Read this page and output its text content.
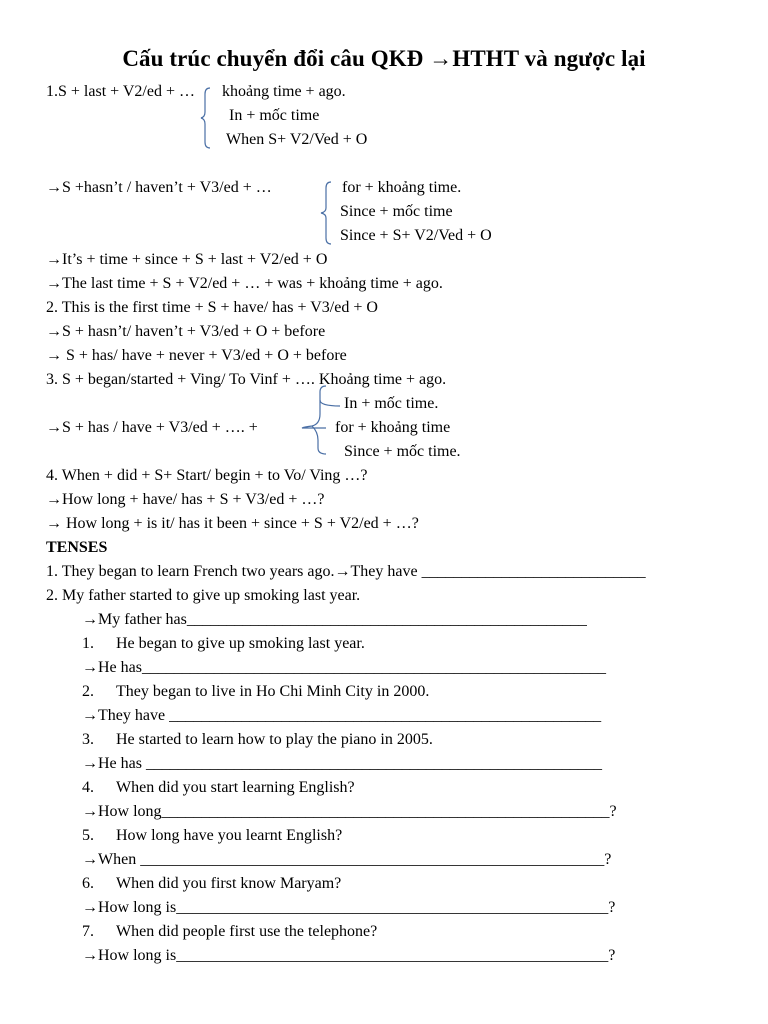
Cấu trúc chuyển đổi câu QKĐ →HTHT và ngược lại
1.S + last + V2/ed + … khoảng time + ago.
In + mốc time
When S+ V2/Ved + O
→S +hasn’t / haven’t + V3/ed + …	for + khoảng time.
Since + mốc time
Since + S+ V2/Ved + O
→It’s + time + since + S + last + V2/ed + O
→The last time + S + V2/ed + … + was + khoảng time + ago.
2. This is the first time + S + have/ has + V3/ed + O
→S + hasn’t/ haven’t + V3/ed + O + before
→ S + has/ have + never + V3/ed + O + before
3. S + began/started + Ving/ To Vinf + …. Khoảng time + ago.
In + mốc time.
→S + has / have + V3/ed + …. +	for + khoảng time
Since + mốc time.
4. When + did + S+ Start/ begin + to Vo/ Ving …?
→How long + have/ has + S + V3/ed + …?
→ How long + is it/ has it been + since + S + V2/ed + …?
TENSES
1. They began to learn French two years ago.→They have ____________________________
2. My father started to give up smoking last year.
→My father has__________________________________________________
1. He began to give up smoking last year.
→He has__________________________________________________________
2. They began to live in Ho Chi Minh City in 2000.
→They have ______________________________________________________
3. He started to learn how to play the piano in 2005.
→He has _________________________________________________________
4. When did you start learning English?
→How long________________________________________________________?
5. How long have you learnt English?
→When __________________________________________________________?
6. When did you first know Maryam?
→How long is______________________________________________________?
7. When did people first use the telephone?
→How long is______________________________________________________?
